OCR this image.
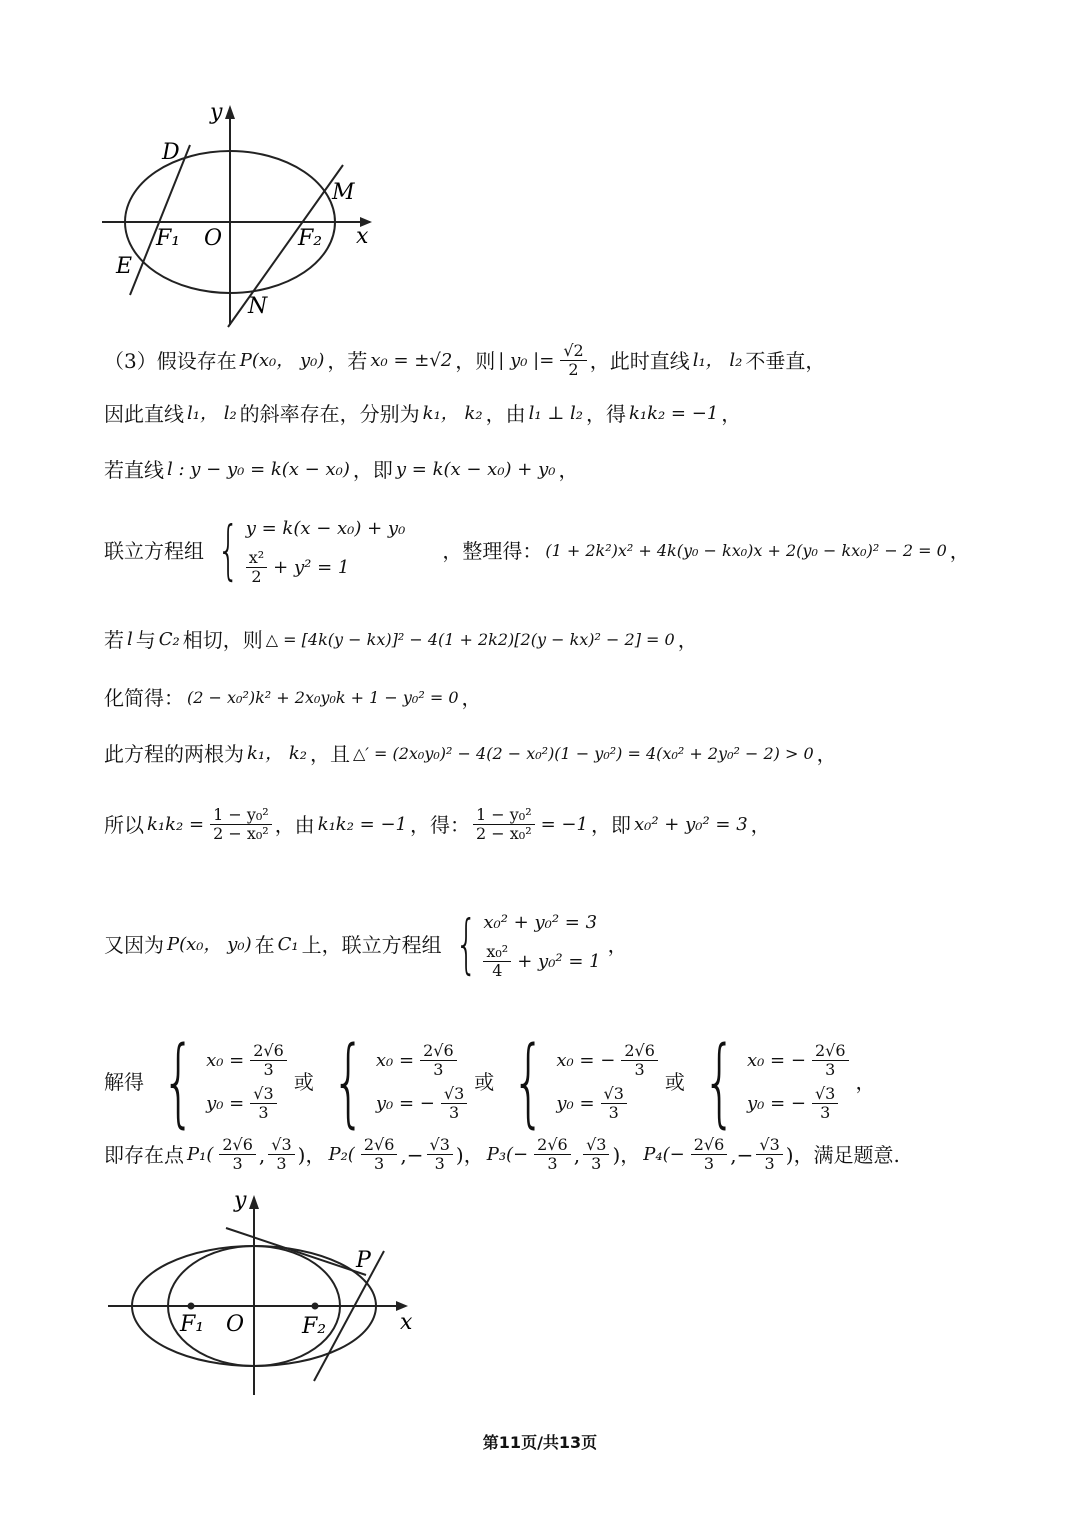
y
x
O
D
E
M
N
F₁	F₂
（3）假设存在 P(x₀， y₀) ，若 x₀ = ±√2 ，则 | y₀ |= $\frac{√2}{2}$ ，此时直线 l₁， l₂ 不垂直，
因此直线 l₁， l₂ 的斜率存在，分别为 k₁， k₂ ，由 l₁ ⊥ l₂ ，得 k₁k₂ = −1 ，
若直线 l : y − y₀ = k(x − x₀) ，即 y = k(x − x₀) + y₀ ，
联立方程组 { y = k(x − x₀) + y₀
$\frac{\text{x²}}{2} + y^2 = 1$
，整理得： (1 + 2k²)x² + 4k(y₀ − kx₀)x + 2(y₀ − kx₀)² − 2 = 0 ，
若 l 与 C₂ 相切，则 △ = [4k(y − kx)]² − 4(1 + 2k2)[2(y − kx)² − 2] = 0 ，
化简得： (2 − x₀²)k² + 2x₀y₀k + 1 − y₀² = 0 ，
此方程的两根为 k₁， k₂ ，且 △′ = (2x₀y₀)² − 4(2 − x₀²)(1 − y₀²) = 4(x₀² + 2y₀² − 2) > 0 ，
所以 $k_1k_2 = \frac{\text{1 − y₀²}}{\text{2 − x₀²}}$ ，由 k₁k₂ = −1 ，得： $\frac{\text{1 − y₀²}}{\text{2 − x₀²}} = -1$ ，即 x₀² + y₀² = 3 ，
又因为 P(x₀， y₀) 在 C₁ 上，联立方程组 { x₀² + y₀² = 3
$\frac{\text{x₀²}}{4} + y_0^2 = 1$
，
解得 { $x_0 = \frac{2√6}{3}$
$y_0 = \frac{√3}{3}$
或 { $x_0 = \frac{2√6}{3}$
y₀ = − $\frac{√3}{3}$
或 { x₀ = − $\frac{2√6}{3}$
$y_0 = \frac{√3}{3}$
或 { x₀ = − $\frac{2√6}{3}$
y₀ = − $\frac{√3}{3}$
，
即存在点 $P_1( \frac{2√6}{3}$ , $\frac{√3}{3}$ ) ， $P_2( \frac{2√6}{3}$ ,− $\frac{√3}{3}$ ) ， $P_3(- \frac{2√6}{3}$ , $\frac{√3}{3}$ ) ， $P_4(- \frac{2√6}{3}$ ,− $\frac{√3}{3}$ ) ，满足题意.
y
x
O
P
F₁	F₂
第11页/共13页
